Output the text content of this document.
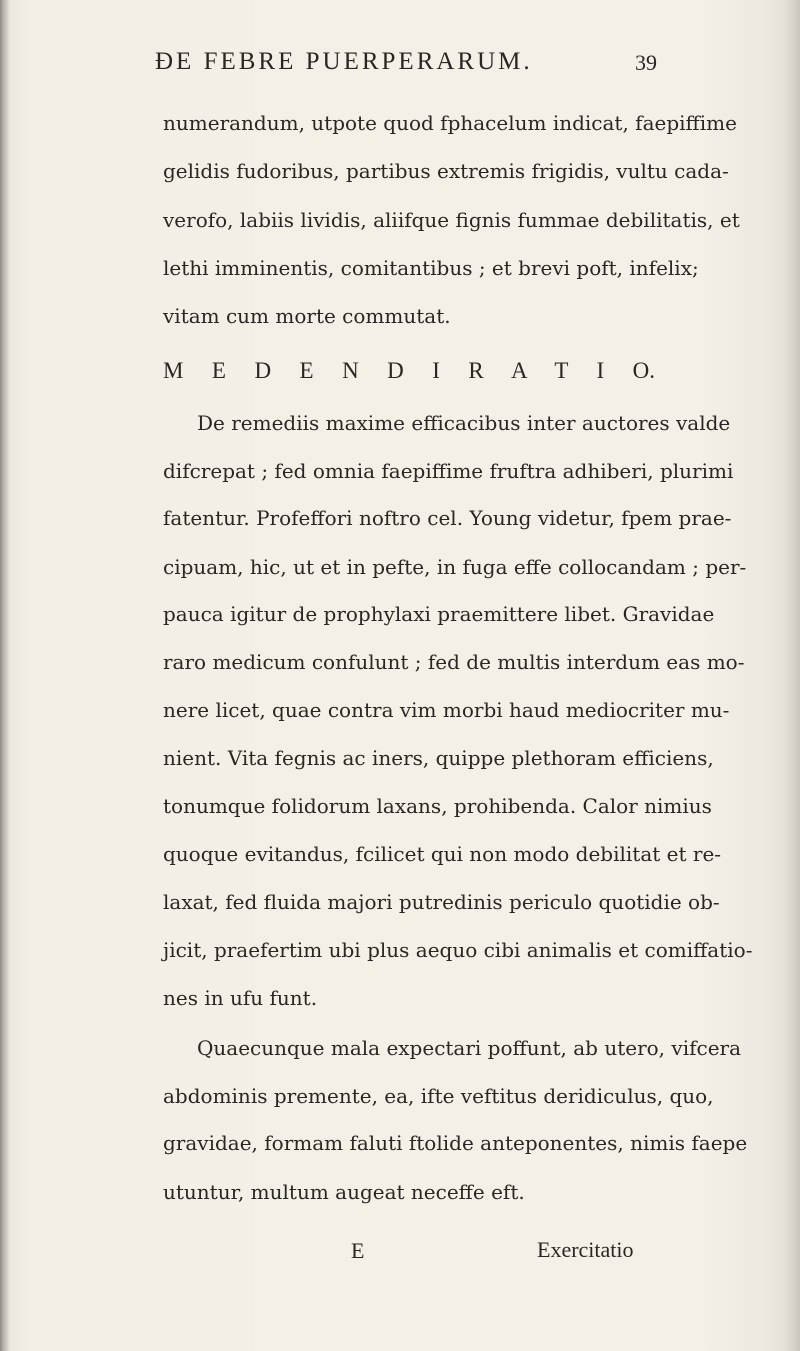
ÐE FEBRE PUERPERARUM.	39
numerandum, utpote quod fphacelum indicat, faepiffime
gelidis fudoribus, partibus extremis frigidis, vultu cada-
verofo, labiis lividis, aliifque fignis fummae debilitatis, et
lethi imminentis, comitantibus ; et brevi poft, infelix;
vitam cum morte commutat.
M E D E N D I R A T I O.
De remediis maxime efficacibus inter auctores valde
difcrepat ; fed omnia faepiffime fruftra adhiberi, plurimi
fatentur. Profeffori noftro cel. Young videtur, fpem prae-
cipuam, hic, ut et in pefte, in fuga effe collocandam ; per-
pauca igitur de prophylaxi praemittere libet. Gravidae
raro medicum confulunt ; fed de multis interdum eas mo-
nere licet, quae contra vim morbi haud mediocriter mu-
nient. Vita fegnis ac iners, quippe plethoram efficiens,
tonumque folidorum laxans, prohibenda. Calor nimius
quoque evitandus, fcilicet qui non modo debilitat et re-
laxat, fed fluida majori putredinis periculo quotidie ob-
jicit, praefertim ubi plus aequo cibi animalis et comiffatio-
nes in ufu funt.
Quaecunque mala expectari poffunt, ab utero, vifcera
abdominis premente, ea, ifte veftitus deridiculus, quo,
gravidae, formam faluti ftolide anteponentes, nimis faepe
utuntur, multum augeat neceffe eft.
E	Exercitatio
